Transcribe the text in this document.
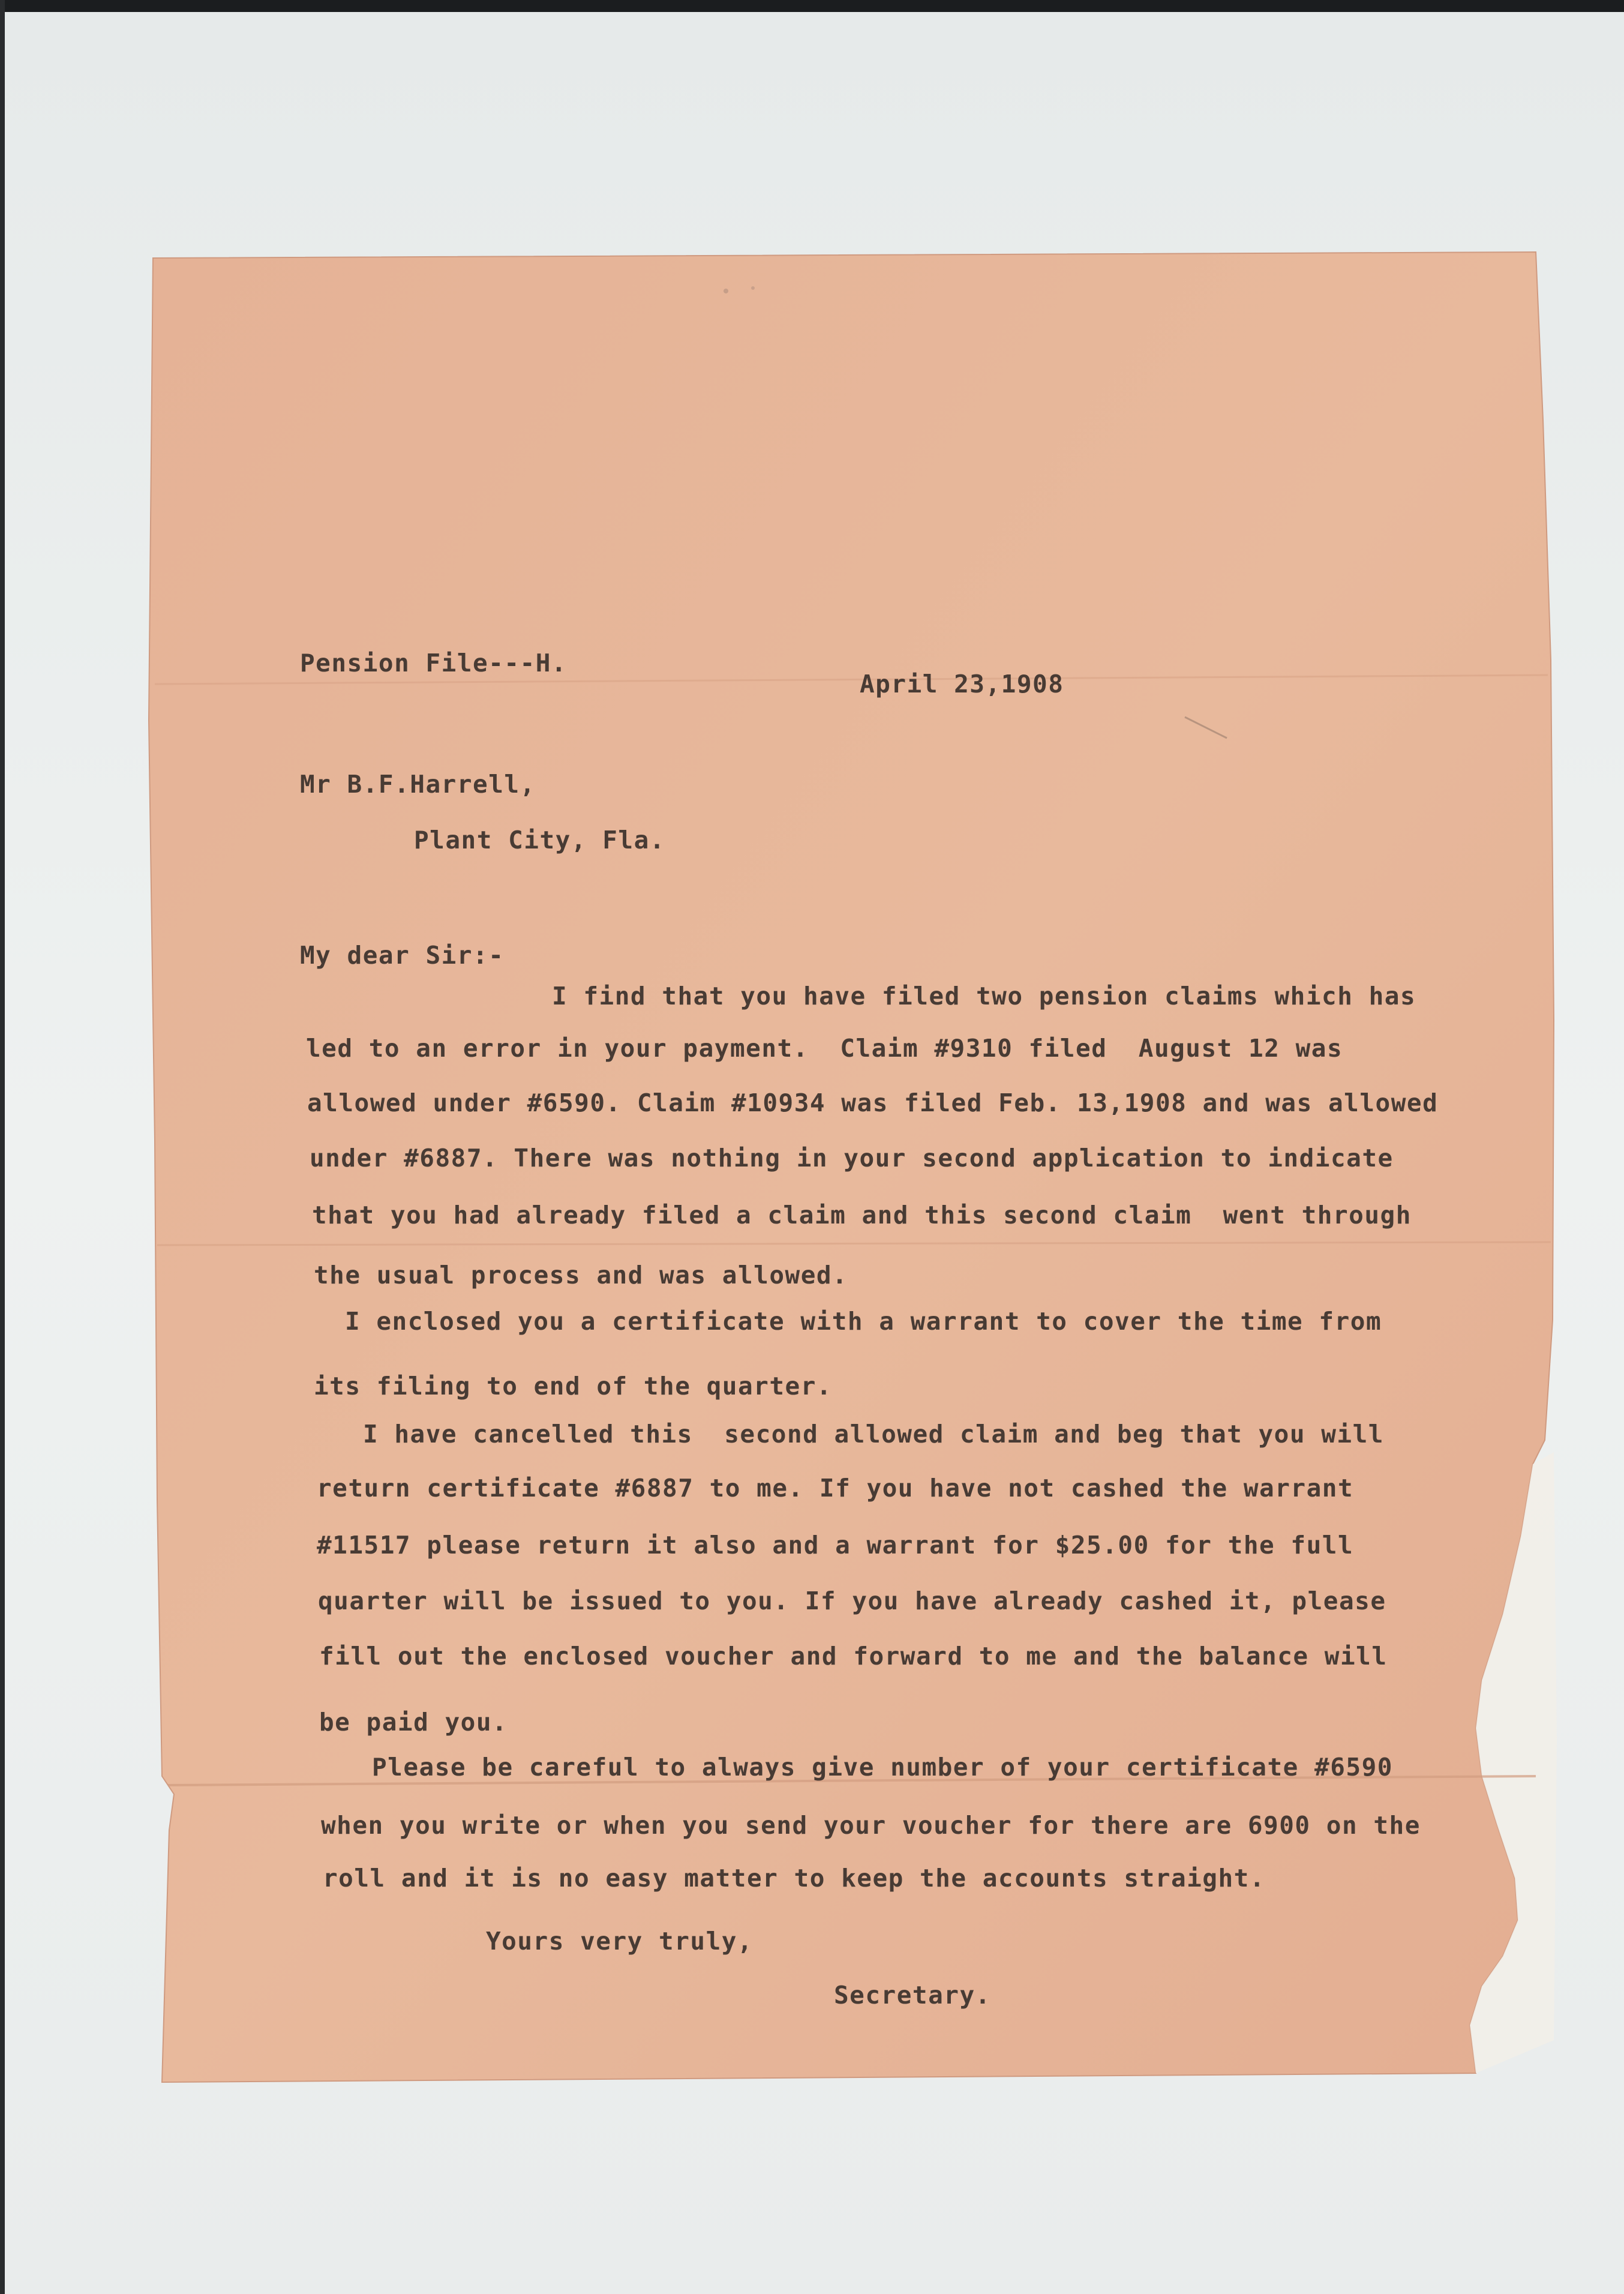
Pension File---H.

April 23,1908

Mr B.F.Harrell,

Plant City, Fla.

My dear Sir:-

I find that you have filed two pension claims which has

led to an error in your payment.  Claim #9310 filed  August 12 was

allowed under #6590. Claim #10934 was filed Feb. 13,1908 and was allowed

under #6887. There was nothing in your second application to indicate

that you had already filed a claim and this second claim  went through

the usual process and was allowed.

I enclosed you a certificate with a warrant to cover the time from

its filing to end of the quarter.

I have cancelled this  second allowed claim and beg that you will

return certificate #6887 to me. If you have not cashed the warrant

#11517 please return it also and a warrant for $25.00 for the full

quarter will be issued to you. If you have already cashed it, please

fill out the enclosed voucher and forward to me and the balance will

be paid you.

Please be careful to always give number of your certificate #6590

when you write or when you send your voucher for there are 6900 on the

roll and it is no easy matter to keep the accounts straight.

Yours very truly,

Secretary.
